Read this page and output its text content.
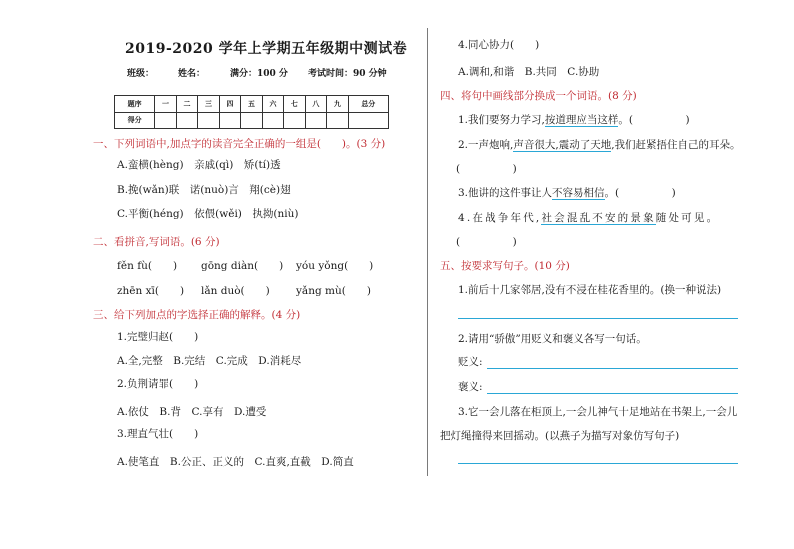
2019-2020 学年上学期五年级期中测试卷
班级：	姓名：	满分：100 分 考试时间：90 分钟
题序	一	二	三	四	五	六	七	八	九	总分
得分										
一、下列词语中,加点字的读音完全正确的一组是(　　)。(3 分)
A.蛮横(hèng)　亲戚(qì)　矫(tí)透
B.挽(wǎn)联　诺(nuò)言　翔(cè)翅
C.平衡(héng)　依偎(wěi)　执拗(niù)
二、看拼音,写词语。(6 分)
fěn fù(　　) gōng diàn(　　) yóu yǒng(　　)
zhēn xī(　　) lǎn duò(　　)	yǎng mù(　　)
三、给下列加点的字选择正确的解释。(4 分)
1.完璧归赵(　　)
A.全,完整　B.完结　C.完成　D.消耗尽
2.负荆请罪(　　)
A.依仗　B.背　C.享有　D.遭受
3.理直气壮(　　)
A.使笔直　B.公正、正义的　C.直爽,直截　D.简直
4.同心协力(　　)
A.调和,和谐　B.共同　C.协助
四、将句中画线部分换成一个词语。(8 分)
1.我们要努力学习,按道理应当这样。(　　　　　)
2.一声炮响,声音很大,震动了天地,我们赶紧捂住自己的耳朵。
(　　　　　)
3.他讲的这件事让人不容易相信。(　　　　　)
4.在战争年代,社会混乱不安的景象随处可见。
(　　　　　)
五、按要求写句子。(10 分)
1.前后十几家邻居,没有不浸在桂花香里的。(换一种说法)
2.请用“骄傲”用贬义和褒义各写一句话。
贬义:
褒义:
3.它一会儿落在柜顶上,一会儿神气十足地站在书架上,一会儿
把灯绳撞得来回摇动。(以燕子为描写对象仿写句子)
